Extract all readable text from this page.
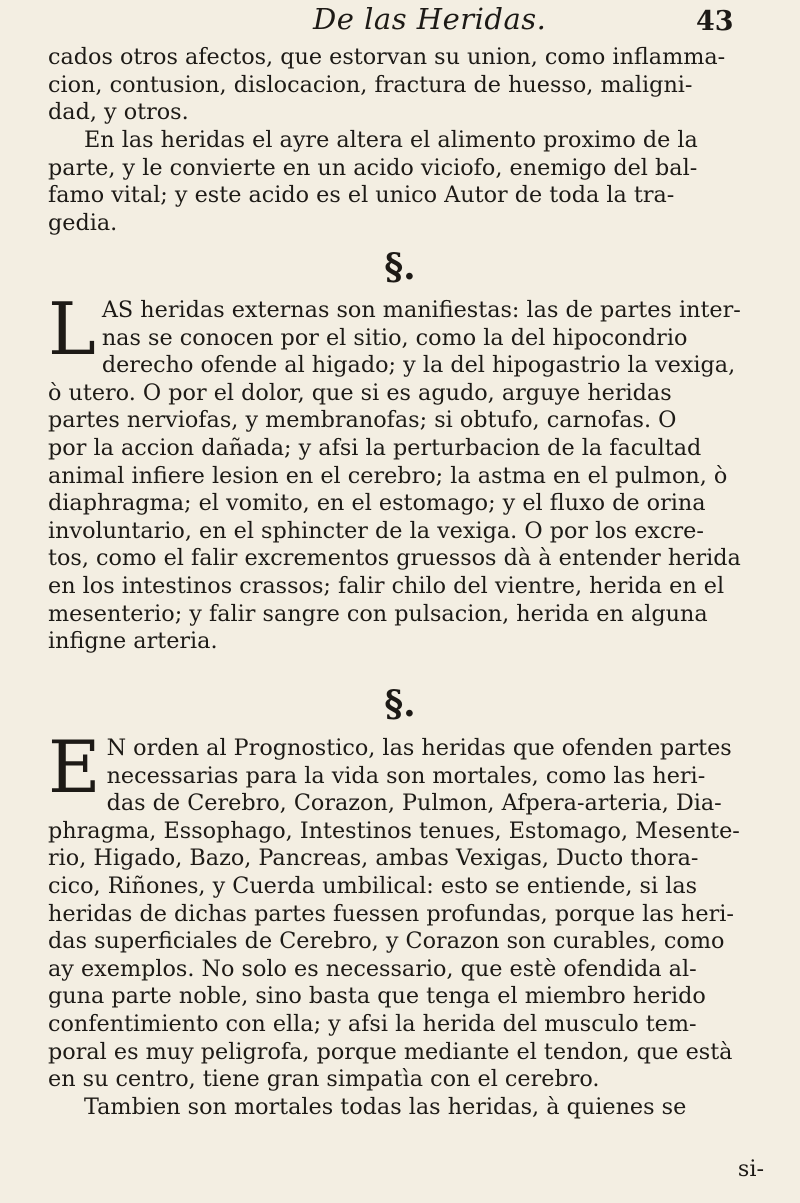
De las Heridas.	43
cados otros afectos, que estorvan su union, como inflamma-
cion, contusion, dislocacion, fractura de huesso, maligni-
dad, y otros.
En las heridas el ayre altera el alimento proximo de la
parte, y le convierte en un acido viciofo, enemigo del bal-
famo vital; y este acido es el unico Autor de toda la tra-
gedia.
§.
L AS heridas externas son manifiestas: las de partes inter-
nas se conocen por el sitio, como la del hipocondrio
derecho ofende al higado; y la del hipogastrio la vexiga,
ò utero. O por el dolor, que si es agudo, arguye heridas
partes nerviofas, y membranofas; si obtufo, carnofas. O
por la accion dañada; y afsi la perturbacion de la facultad
animal infiere lesion en el cerebro; la astma en el pulmon, ò
diaphragma; el vomito, en el estomago; y el fluxo de orina
involuntario, en el sphincter de la vexiga. O por los excre-
tos, como el falir excrementos gruessos dà à entender herida
en los intestinos crassos; falir chilo del vientre, herida en el
mesenterio; y falir sangre con pulsacion, herida en alguna
infigne arteria.
§.
E N orden al Prognostico, las heridas que ofenden partes
necessarias para la vida son mortales, como las heri-
das de Cerebro, Corazon, Pulmon, Afpera-arteria, Dia-
phragma, Essophago, Intestinos tenues, Estomago, Mesente-
rio, Higado, Bazo, Pancreas, ambas Vexigas, Ducto thora-
cico, Riñones, y Cuerda umbilical: esto se entiende, si las
heridas de dichas partes fuessen profundas, porque las heri-
das superficiales de Cerebro, y Corazon son curables, como
ay exemplos. No solo es necessario, que estè ofendida al-
guna parte noble, sino basta que tenga el miembro herido
confentimiento con ella; y afsi la herida del musculo tem-
poral es muy peligrofa, porque mediante el tendon, que està
en su centro, tiene gran simpatìa con el cerebro.
Tambien son mortales todas las heridas, à quienes se
si-
